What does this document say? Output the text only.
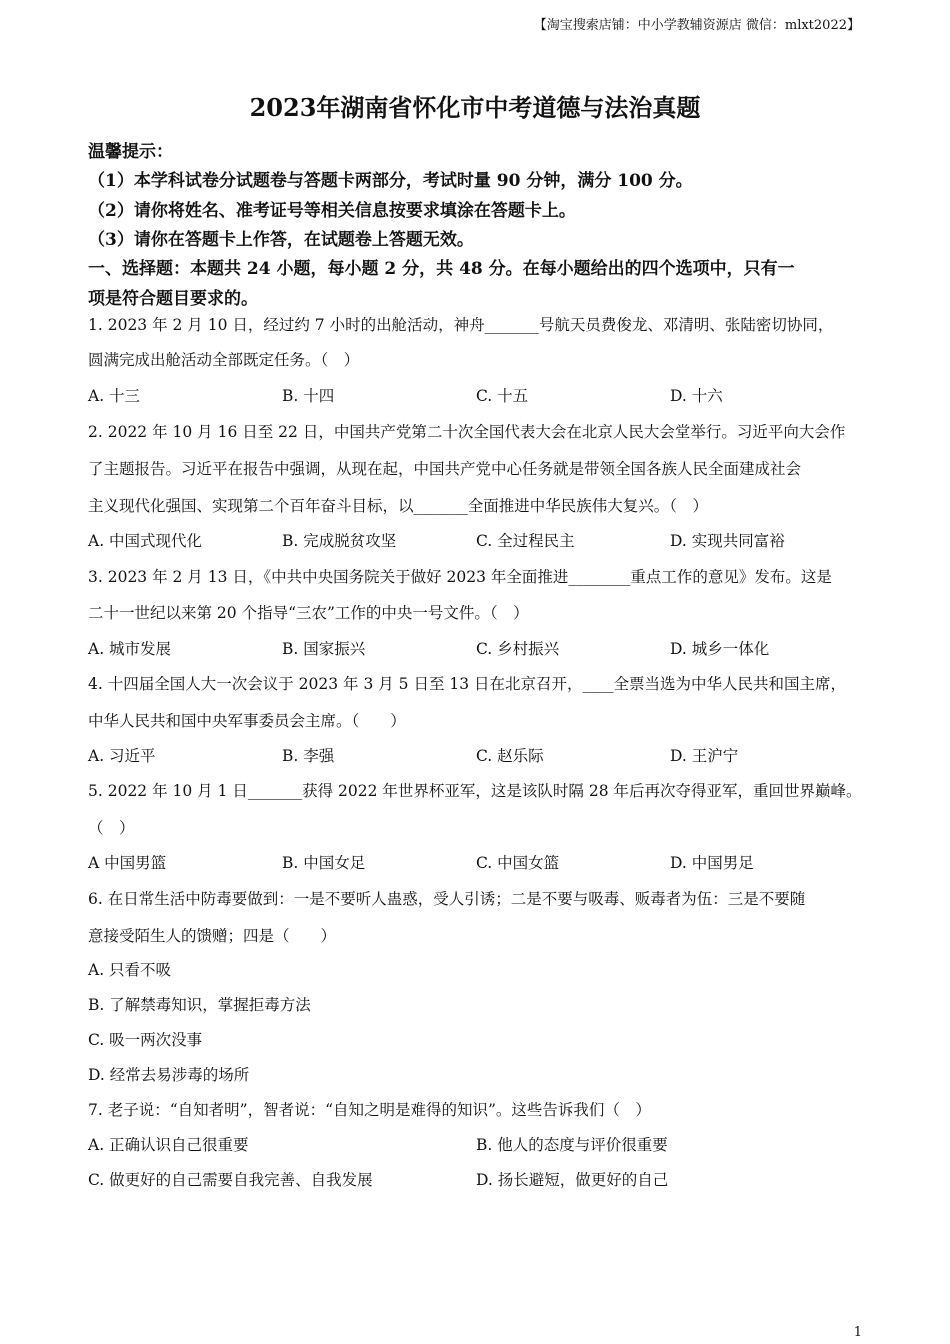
【淘宝搜索店铺：中小学教辅资源店 微信：mlxt2022】
2023年湖南省怀化市中考道德与法治真题
温馨提示：
（1）本学科试卷分试题卷与答题卡两部分，考试时量 90 分钟，满分 100 分。
（2）请你将姓名、准考证号等相关信息按要求填涂在答题卡上。
（3）请你在答题卡上作答，在试题卷上答题无效。
一、选择题：本题共 24 小题，每小题 2 分，共 48 分。在每小题给出的四个选项中，只有一
项是符合题目要求的。
1. 2023 年 2 月 10 日，经过约 7 小时的出舱活动，神舟_______号航天员费俊龙、邓清明、张陆密切协同，
圆满完成出舱活动全部既定任务。（　）
A. 十三	B. 十四	C. 十五	D. 十六
2. 2022 年 10 月 16 日至 22 日，中国共产党第二十次全国代表大会在北京人民大会堂举行。习近平向大会作
了主题报告。习近平在报告中强调，从现在起，中国共产党中心任务就是带领全国各族人民全面建成社会
主义现代化强国、实现第二个百年奋斗目标，以_______全面推进中华民族伟大复兴。（　）
A. 中国式现代化	B. 完成脱贫攻坚	C. 全过程民主	D. 实现共同富裕
3. 2023 年 2 月 13 日，《中共中央国务院关于做好 2023 年全面推进________重点工作的意见》发布。这是
二十一世纪以来第 20 个指导“三农”工作的中央一号文件。（　）
A. 城市发展	B. 国家振兴	C. 乡村振兴	D. 城乡一体化
4. 十四届全国人大一次会议于 2023 年 3 月 5 日至 13 日在北京召开，____全票当选为中华人民共和国主席，
中华人民共和国中央军事委员会主席。（　　）
A. 习近平	B. 李强	C. 赵乐际	D. 王沪宁
5. 2022 年 10 月 1 日_______获得 2022 年世界杯亚军，这是该队时隔 28 年后再次夺得亚军，重回世界巅峰。
（　）
A 中国男篮	B. 中国女足	C. 中国女篮	D. 中国男足
6. 在日常生活中防毒要做到：一是不要听人蛊惑，受人引诱；二是不要与吸毒、贩毒者为伍：三是不要随
意接受陌生人的馈赠；四是（　　）
A. 只看不吸
B. 了解禁毒知识，掌握拒毒方法
C. 吸一两次没事
D. 经常去易涉毒的场所
7. 老子说：“自知者明”，智者说：“自知之明是难得的知识”。这些告诉我们（　）
A. 正确认识自己很重要	B. 他人的态度与评价很重要
C. 做更好的自己需要自我完善、自我发展	D. 扬长避短，做更好的自己
1
